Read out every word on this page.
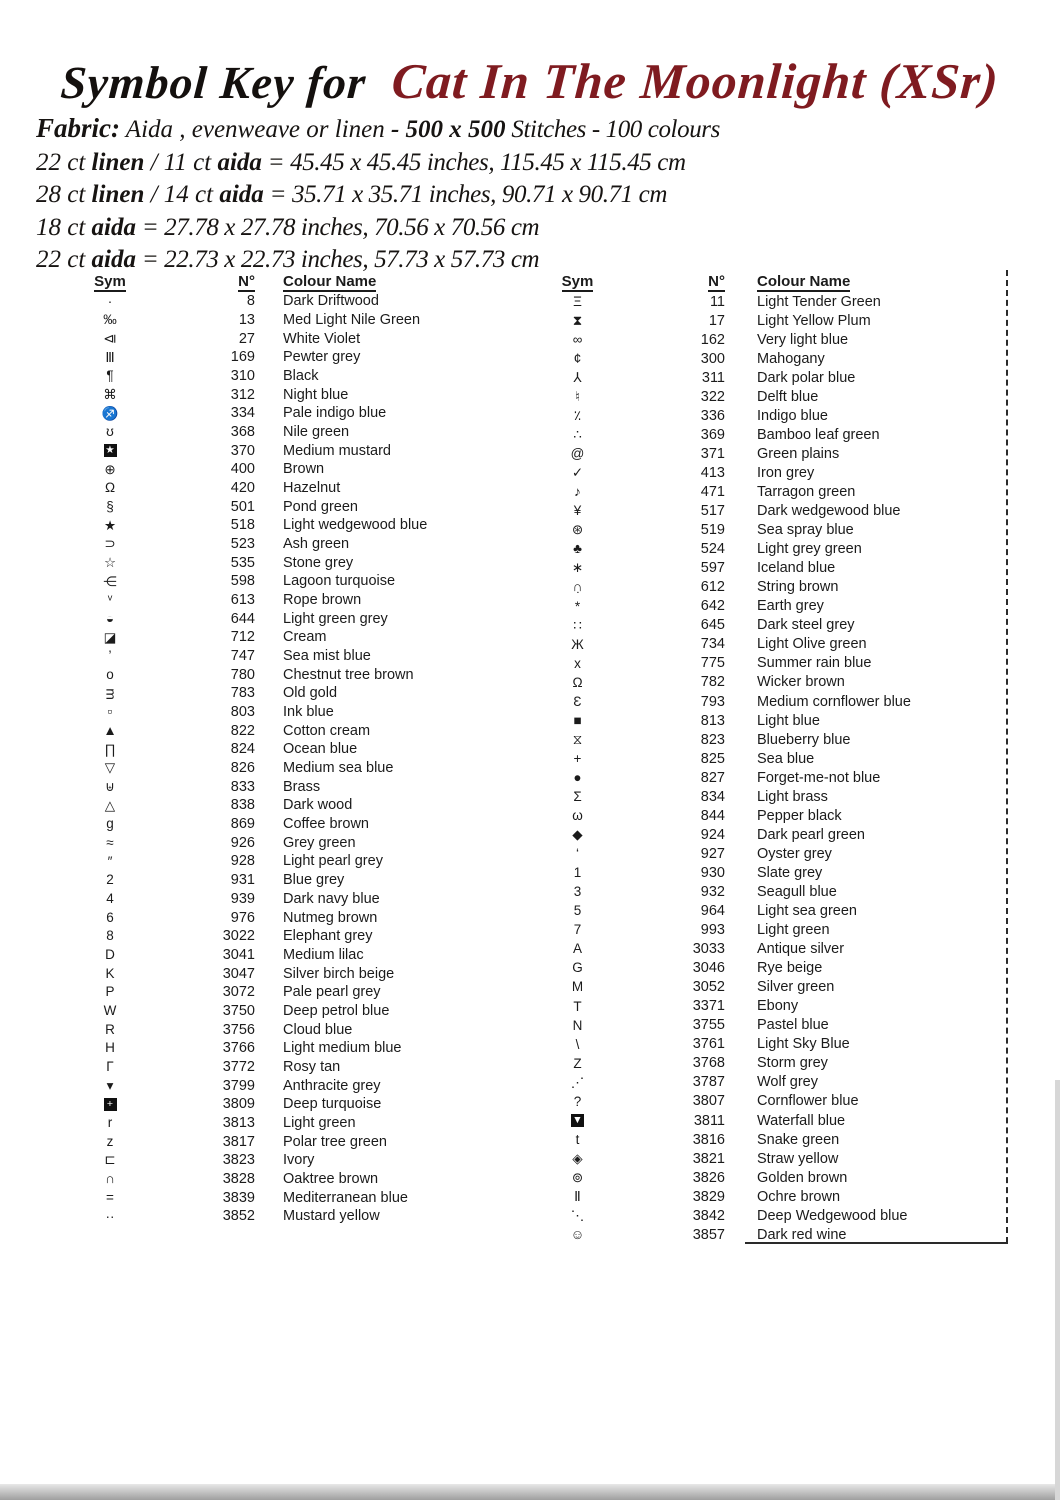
Symbol Key for Cat In The Moonlight (XSr)
Fabric: Aida , evenweave or linen - 500 x 500 Stitches - 100 colours
22 ct linen / 11 ct aida = 45.45 x 45.45 inches, 115.45 x 115.45 cm
28 ct linen / 14 ct aida = 35.71 x 35.71 inches, 90.71 x 90.71 cm
18 ct aida = 27.78 x 27.78 inches, 70.56 x 70.56 cm
22 ct aida = 22.73 x 22.73 inches, 57.73 x 57.73 cm
Sym	N°	Colour Name
·	8	Dark Driftwood
‰	13	Med Light Nile Green
⧏	27	White Violet
Ⅲ	169	Pewter grey
¶	310	Black
⌘	312	Night blue
♐	334	Pale indigo blue
ʊ	368	Nile green
★	370	Medium mustard
⊕	400	Brown
Ω	420	Hazelnut
§	501	Pond green
★	518	Light wedgewood blue
⊃	523	Ash green
☆	535	Stone grey
⋲	598	Lagoon turquoise
ᵛ	613	Rope brown
◒	644	Light green grey
◪	712	Cream
’	747	Sea mist blue
o	780	Chestnut tree brown
ᴟ	783	Old gold
▫	803	Ink blue
▲	822	Cotton cream
∏	824	Ocean blue
▽	826	Medium sea blue
⊎	833	Brass
△	838	Dark wood
g	869	Coffee brown
≈	926	Grey green
″	928	Light pearl grey
2	931	Blue grey
4	939	Dark navy blue
6	976	Nutmeg brown
8	3022	Elephant grey
D	3041	Medium lilac
K	3047	Silver birch beige
P	3072	Pale pearl grey
W	3750	Deep petrol blue
R	3756	Cloud blue
H	3766	Light medium blue
Γ	3772	Rosy tan
▾	3799	Anthracite grey
+	3809	Deep turquoise
r	3813	Light green
z	3817	Polar tree green
⊏	3823	Ivory
∩	3828	Oaktree brown
=	3839	Mediterranean blue
··	3852	Mustard yellow
Sym	N°	Colour Name
Ξ	11	Light Tender Green
⧗	17	Light Yellow Plum
∞	162	Very light blue
¢	300	Mahogany
⅄	311	Dark polar blue
♮	322	Delft blue
٪	336	Indigo blue
∴	369	Bamboo leaf green
@	371	Green plains
✓	413	Iron grey
♪	471	Tarragon green
¥	517	Dark wedgewood blue
⊛	519	Sea spray blue
♣	524	Light grey green
∗	597	Iceland blue
∩̣	612	String brown
*	642	Earth grey
∷	645	Dark steel grey
Ж	734	Light Olive green
x	775	Summer rain blue
Ω	782	Wicker brown
Ɛ	793	Medium cornflower blue
■	813	Light blue
⧖	823	Blueberry blue
+	825	Sea blue
●	827	Forget-me-not blue
Σ	834	Light brass
ω	844	Pepper black
◆	924	Dark pearl green
‘	927	Oyster grey
1	930	Slate grey
3	932	Seagull blue
5	964	Light sea green
7	993	Light green
A	3033	Antique silver
G	3046	Rye beige
M	3052	Silver green
T	3371	Ebony
N	3755	Pastel blue
\	3761	Light Sky Blue
Z	3768	Storm grey
⋰	3787	Wolf grey
?	3807	Cornflower blue
▼	3811	Waterfall blue
t	3816	Snake green
◈	3821	Straw yellow
⊚	3826	Golden brown
Ⅱ	3829	Ochre brown
⋱	3842	Deep Wedgewood blue
☺	3857	Dark red wine
